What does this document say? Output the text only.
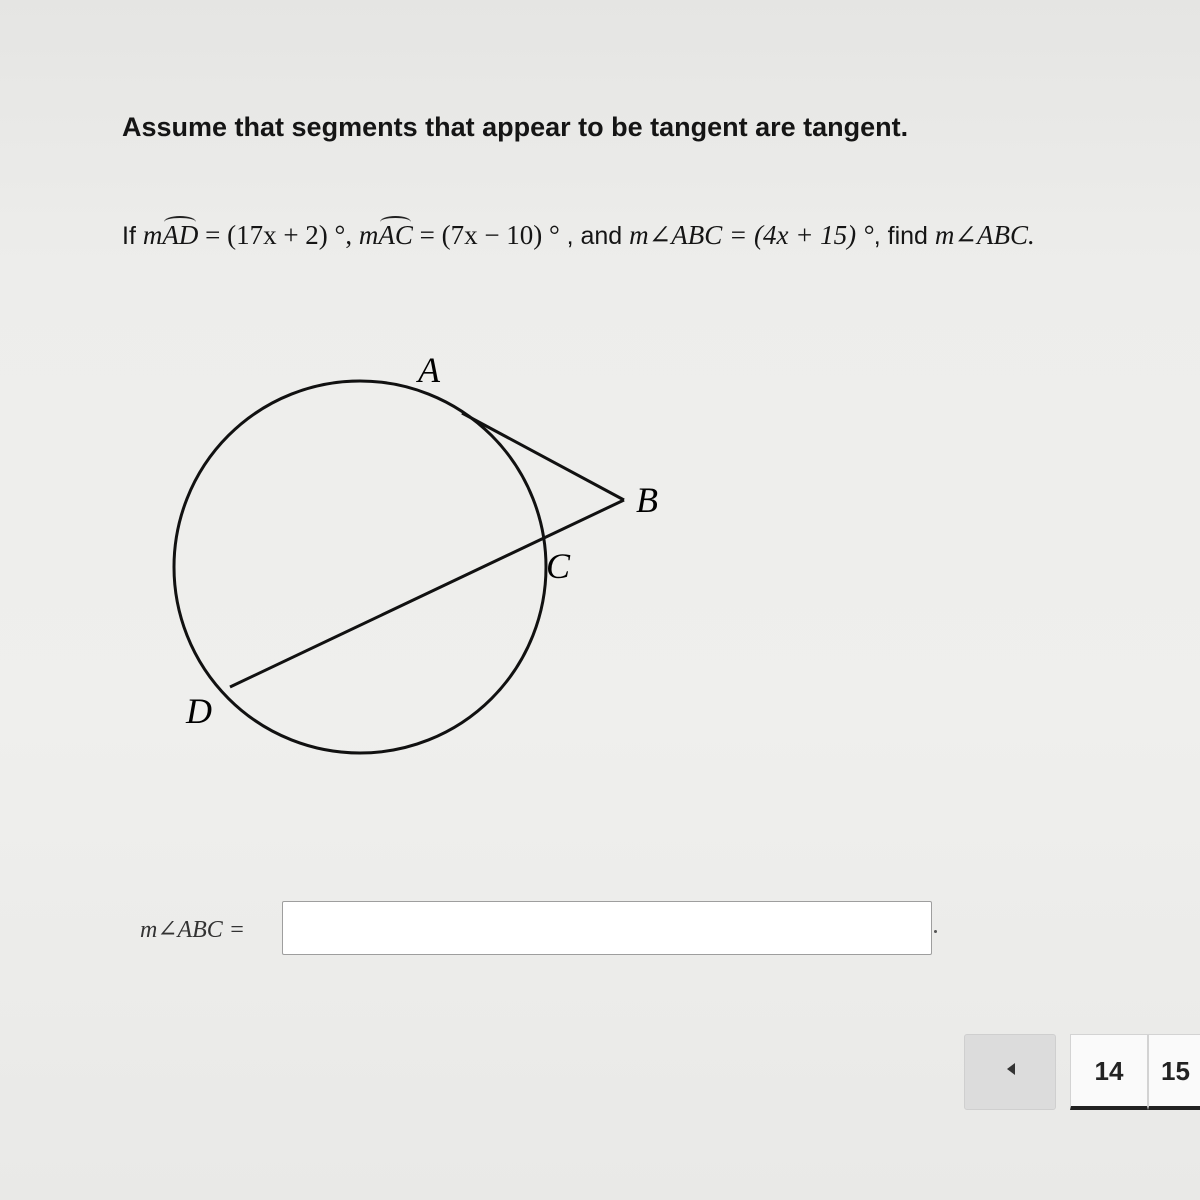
Assume that segments that appear to be tangent are tangent.
If mAD = (17x + 2) °, mAC = (7x − 10) ° , and m∠ABC = (4x + 15) °, find m∠ABC.
A
B
C
D
m∠ABC =
14	15
